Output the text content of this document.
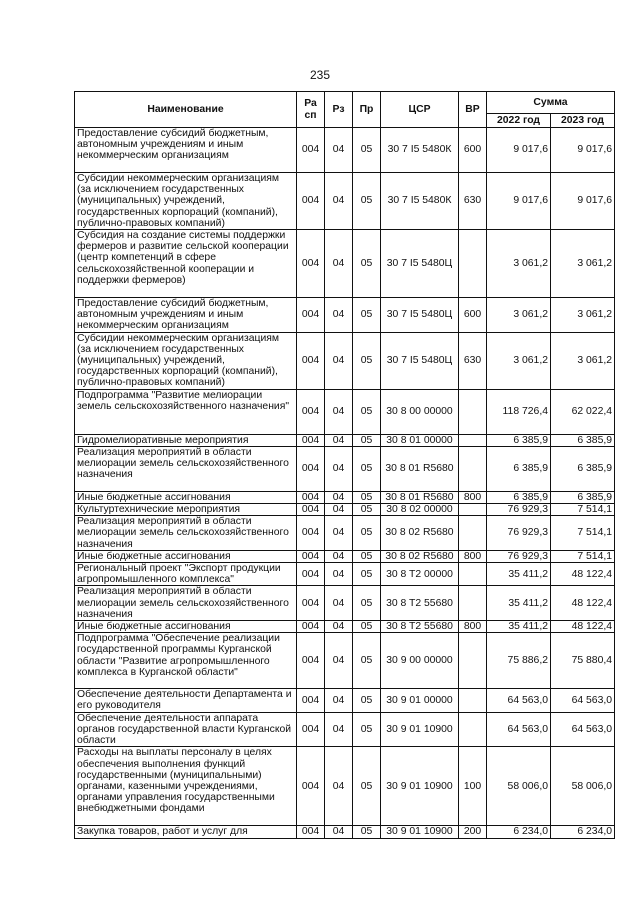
235
Наименование	Ра сп	Рз	Пр	ЦСР	ВР	Сумма	
						2022 год	2023 год
Предоставление субсидий бюджетным, автономным учреждениям и иным некоммерческим организациям	004	04	05	30 7 I5 5480К	600	9 017,6	9 017,6
Субсидии некоммерческим организациям (за исключением государственных (муниципальных) учреждений, государственных корпораций (компаний), публично-правовых компаний)	004	04	05	30 7 I5 5480К	630	9 017,6	9 017,6
Субсидия на создание системы поддержки фермеров и развитие сельской кооперации (центр компетенций в сфере сельскохозяйственной кооперации и поддержки фермеров)	004	04	05	30 7 I5 5480Ц		3 061,2	3 061,2
Предоставление субсидий бюджетным, автономным учреждениям и иным некоммерческим организациям	004	04	05	30 7 I5 5480Ц	600	3 061,2	3 061,2
Субсидии некоммерческим организациям (за исключением государственных (муниципальных) учреждений, государственных корпораций (компаний), публично-правовых компаний)	004	04	05	30 7 I5 5480Ц	630	3 061,2	3 061,2
Подпрограмма "Развитие мелиорации земель сельскохозяйственного назначения"	004	04	05	30 8 00 00000		118 726,4	62 022,4
Гидромелиоративные мероприятия	004	04	05	30 8 01 00000		6 385,9	6 385,9
Реализация мероприятий в области мелиорации земель сельскохозяйственного назначения	004	04	05	30 8 01 R5680		6 385,9	6 385,9
Иные бюджетные ассигнования	004	04	05	30 8 01 R5680	800	6 385,9	6 385,9
Культуртехнические мероприятия	004	04	05	30 8 02 00000		76 929,3	7 514,1
Реализация мероприятий в области мелиорации земель сельскохозяйственного назначения	004	04	05	30 8 02 R5680		76 929,3	7 514,1
Иные бюджетные ассигнования	004	04	05	30 8 02 R5680	800	76 929,3	7 514,1
Региональный проект "Экспорт продукции агропромышленного комплекса"	004	04	05	30 8 T2 00000		35 411,2	48 122,4
Реализация мероприятий в области мелиорации земель сельскохозяйственного назначения	004	04	05	30 8 T2 55680		35 411,2	48 122,4
Иные бюджетные ассигнования	004	04	05	30 8 T2 55680	800	35 411,2	48 122,4
Подпрограмма "Обеспечение реализации государственной программы Курганской области "Развитие агропромышленного комплекса в Курганской области"	004	04	05	30 9 00 00000		75 886,2	75 880,4
Обеспечение деятельности Департамента и его руководителя	004	04	05	30 9 01 00000		64 563,0	64 563,0
Обеспечение деятельности аппарата органов государственной власти Курганской области	004	04	05	30 9 01 10900		64 563,0	64 563,0
Расходы на выплаты персоналу в целях обеспечения выполнения функций государственными (муниципальными) органами, казенными учреждениями, органами управления государственными внебюджетными фондами	004	04	05	30 9 01 10900	100	58 006,0	58 006,0
Закупка товаров, работ и услуг для	004	04	05	30 9 01 10900	200	6 234,0	6 234,0
